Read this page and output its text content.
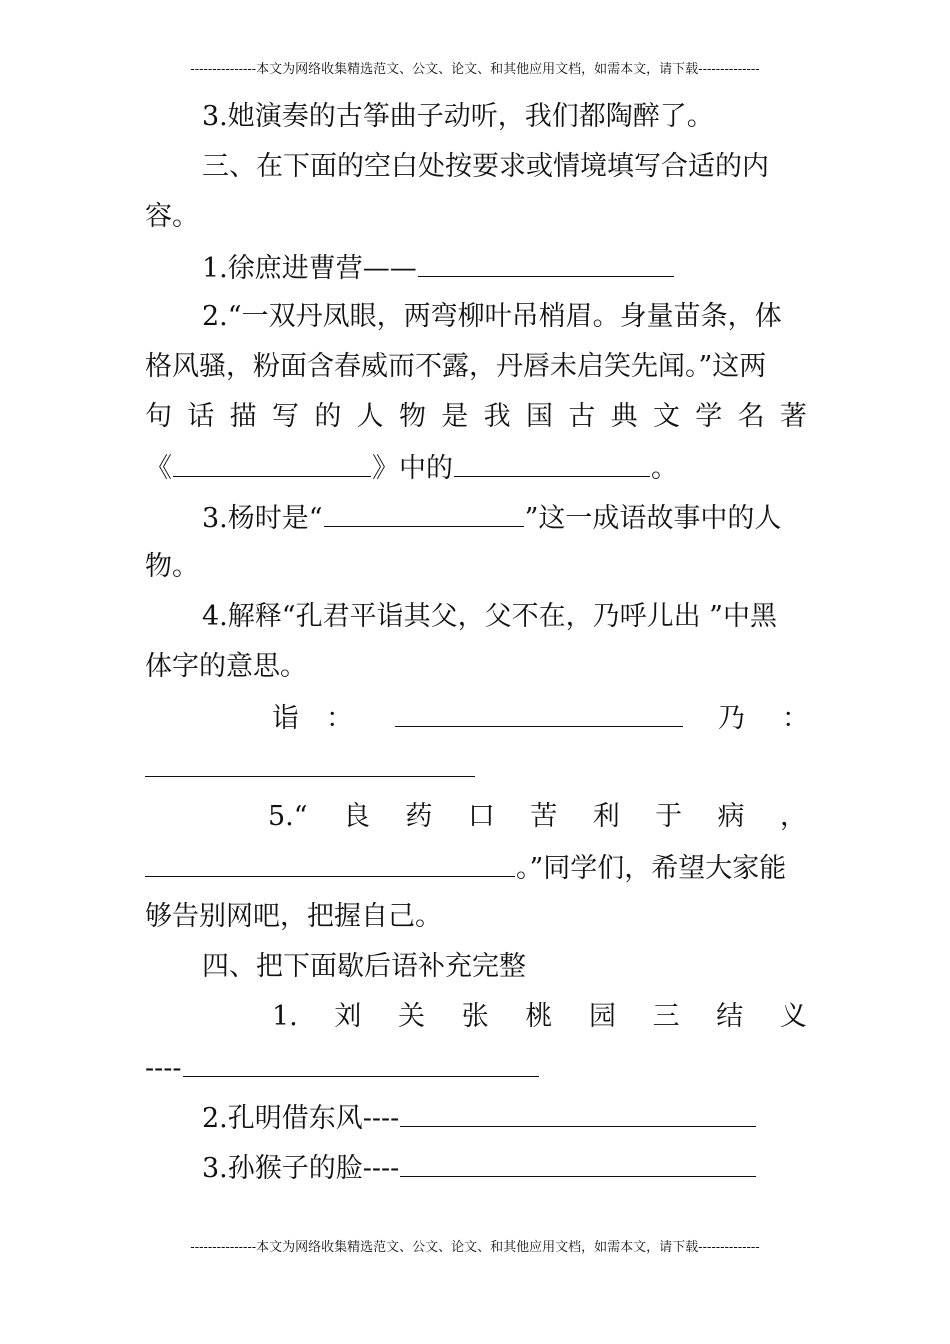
---------------本文为网络收集精选范文、公文、论文、和其他应用文档，如需本文，请下载--------------
3.她演奏的古筝曲子动听，我们都陶醉了。
三、在下面的空白处按要求或情境填写合适的内
容。
1.徐庶进曹营——
2.“一双丹凤眼，两弯柳叶吊梢眉。身量苗条，体
格风骚，粉面含春威而不露，丹唇未启笑先闻。”这两
句 话 描 写 的 人 物 是 我 国 古 典 文 学 名 著
《	》中的	。
3.杨时是“	”这一成语故事中的人
物。
4.解释“孔君平诣其父，父不在，乃呼儿出 ”中黑
体字的意思。
诣	：	乃	：
5.“ 良 药 口 苦 利 于 病 ，
。”同学们，希望大家能
够告别网吧，把握自己。
四、把下面歇后语补充完整
1. 刘 关 张 桃 园 三 结 义
----
2.孔明借东风----
3.孙猴子的脸----
---------------本文为网络收集精选范文、公文、论文、和其他应用文档，如需本文，请下载--------------
